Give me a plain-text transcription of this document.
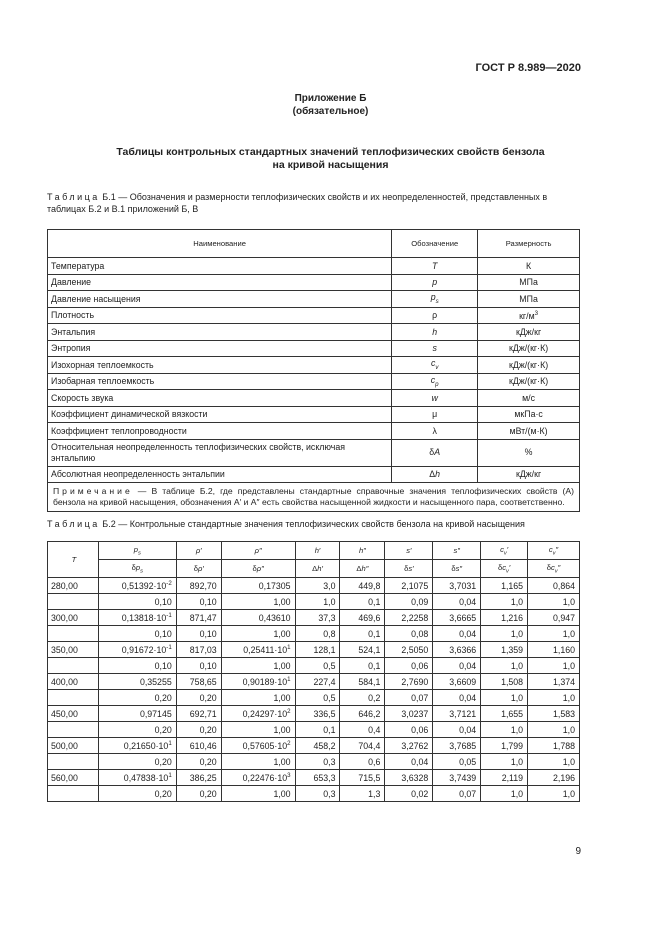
ГОСТ Р 8.989—2020
Приложение Б
(обязательное)
Таблицы контрольных стандартных значений теплофизических свойств бензола
на кривой насыщения
Таблица Б.1 — Обозначения и размерности теплофизических свойств и их неопределенностей, представленных в таблицах Б.2 и В.1 приложений Б, В
Наименование	Обозначение	Размерность
Температура	T	К
Давление	p	МПа
Давление насыщения	$p_s$	МПа
Плотность	ρ	$кг/м^3$
Энтальпия	h	кДж/кг
Энтропия	s	кДж/(кг·К)
Изохорная теплоемкость	$c_v$	кДж/(кг·К)
Изобарная теплоемкость	$c_p$	кДж/(кг·К)
Скорость звука	w	м/с
Коэффициент динамической вязкости	μ	мкПа·с
Коэффициент теплопроводности	λ	мВт/(м·К)
Относительная неопределенность теплофизических свойств, исключая энтальпию	δA	%
Абсолютная неопределенность энтальпии	Δh	кДж/кг
Примечание — В таблице Б.2, где представлены стандартные справочные значения теплофизических свойств (A) бензола на кривой насыщения, обозначения A′ и A″ есть свойства насыщенной жидкости и насыщенного пара, соответственно.		
Таблица Б.2 — Контрольные стандартные значения теплофизических свойств бензола на кривой насыщения
T	$p_s$	ρ′	ρ″	h′	h″	s′	s″	$c_v'$	$c_v''$
	$\delta p_s$	δρ′	δρ″	Δh′	Δh″	δs′	δs″	$\delta c_v'$	$\delta c_v''$
280,00	$0,51392\cdot 10^{-2}$	892,70	0,17305	3,0	449,8	2,1075	3,7031	1,165	0,864
	0,10	0,10	1,00	1,0	0,1	0,09	0,04	1,0	1,0
300,00	$0,13818\cdot 10^{-1}$	871,47	0,43610	37,3	469,6	2,2258	3,6665	1,216	0,947
	0,10	0,10	1,00	0,8	0,1	0,08	0,04	1,0	1,0
350,00	$0,91672\cdot 10^{-1}$	817,03	$0,25411\cdot 10^1$	128,1	524,1	2,5050	3,6366	1,359	1,160
	0,10	0,10	1,00	0,5	0,1	0,06	0,04	1,0	1,0
400,00	0,35255	758,65	$0,90189\cdot 10^1$	227,4	584,1	2,7690	3,6609	1,508	1,374
	0,20	0,20	1,00	0,5	0,2	0,07	0,04	1,0	1,0
450,00	0,97145	692,71	$0,24297\cdot 10^2$	336,5	646,2	3,0237	3,7121	1,655	1,583
	0,20	0,20	1,00	0,1	0,4	0,06	0,04	1,0	1,0
500,00	$0,21650\cdot 10^1$	610,46	$0,57605\cdot 10^2$	458,2	704,4	3,2762	3,7685	1,799	1,788
	0,20	0,20	1,00	0,3	0,6	0,04	0,05	1,0	1,0
560,00	$0,47838\cdot 10^1$	386,25	$0,22476\cdot 10^3$	653,3	715,5	3,6328	3,7439	2,119	2,196
	0,20	0,20	1,00	0,3	1,3	0,02	0,07	1,0	1,0
9
